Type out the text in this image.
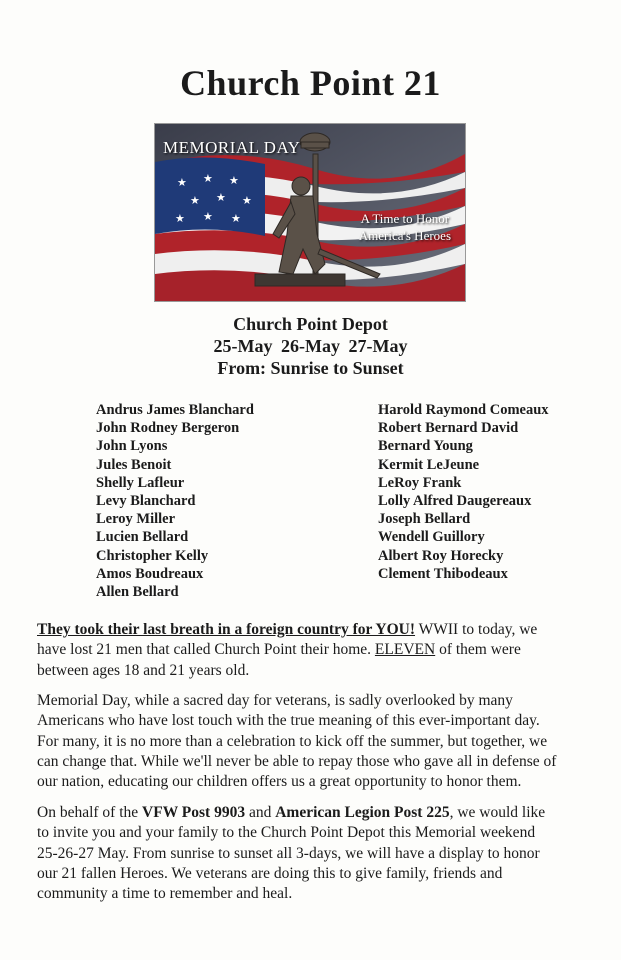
Church Point 21
★ ★ ★
★ ★ ★
★ ★ ★
MEMORIAL DAY
A Time to Honor
America's Heroes
Church Point Depot
25-May 26-May 27-May
From: Sunrise to Sunset
Andrus James Blanchard
John Rodney Bergeron
John Lyons
Jules Benoit
Shelly Lafleur
Levy Blanchard
Leroy Miller
Lucien Bellard
Christopher Kelly
Amos Boudreaux
Allen Bellard
Harold Raymond Comeaux
Robert Bernard David
Bernard Young
Kermit LeJeune
LeRoy Frank
Lolly Alfred Daugereaux
Joseph Bellard
Wendell Guillory
Albert Roy Horecky
Clement Thibodeaux

They took their last breath in a foreign country for YOU! WWII to today, we have lost 21 men that called Church Point their home. ELEVEN of them were between ages 18 and 21 years old.

Memorial Day, while a sacred day for veterans, is sadly overlooked by many Americans who have lost touch with the true meaning of this ever-important day. For many, it is no more than a celebration to kick off the summer, but together, we can change that. While we'll never be able to repay those who gave all in defense of our nation, educating our children offers us a great opportunity to honor them.

On behalf of the VFW Post 9903 and American Legion Post 225, we would like to invite you and your family to the Church Point Depot this Memorial weekend 25-26-27 May. From sunrise to sunset all 3-days, we will have a display to honor our 21 fallen Heroes. We veterans are doing this to give family, friends and community a time to remember and heal.
